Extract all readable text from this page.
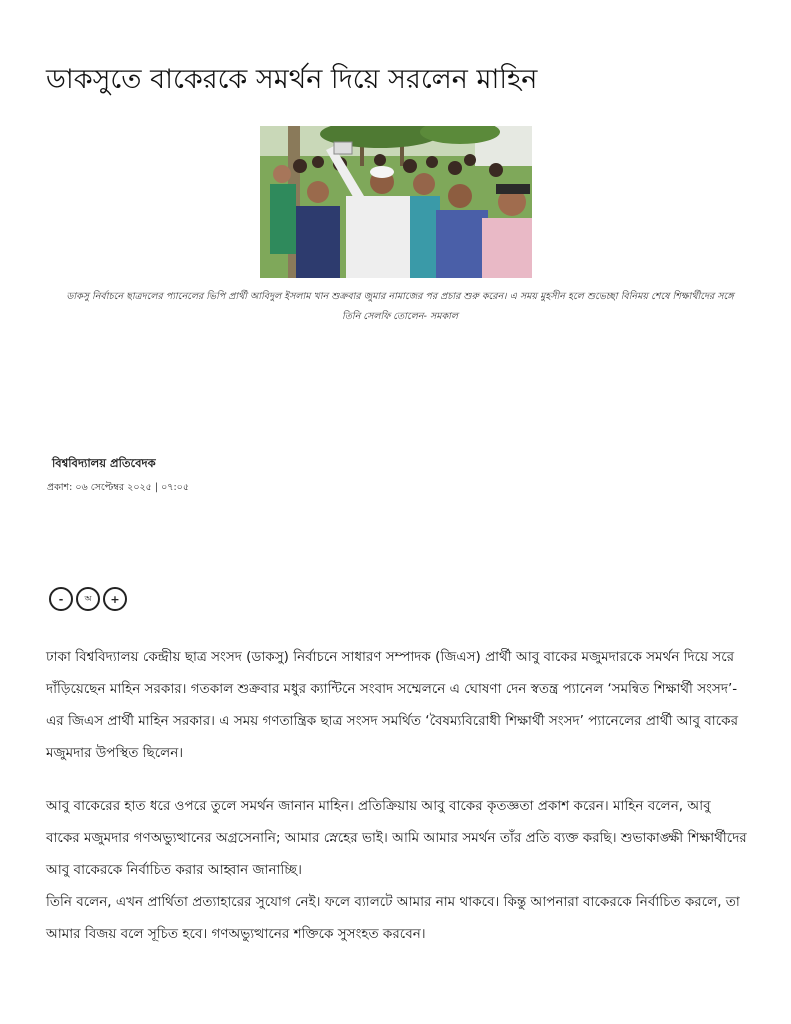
ডাকসুতে বাকেরকে সমর্থন দিয়ে সরলেন মাহিন
ডাকসু নির্বাচনে ছাত্রদলের প্যানেলের ভিপি প্রার্থী আবিদুল ইসলাম খান শুক্রবার জুমার নামাজের পর প্রচার শুরু করেন। এ সময় মুহসীন হলে শুভেচ্ছা বিনিময় শেষে শিক্ষার্থীদের সঙ্গে তিনি সেলফি তোলেন- সমকাল
বিশ্ববিদ্যালয় প্রতিবেদক
প্রকাশ: ০৬ সেপ্টেম্বর ২০২৫ | ০৭:০৫
-	অ	+
ঢাকা বিশ্ববিদ্যালয় কেন্দ্রীয় ছাত্র সংসদ (ডাকসু) নির্বাচনে সাধারণ সম্পাদক (জিএস) প্রার্থী আবু বাকের মজুমদারকে সমর্থন দিয়ে সরে দাঁড়িয়েছেন মাহিন সরকার। গতকাল শুক্রবার মধুর ক্যান্টিনে সংবাদ সম্মেলনে এ ঘোষণা দেন স্বতন্ত্র প্যানেল ‘সমন্বিত শিক্ষার্থী সংসদ’-এর জিএস প্রার্থী মাহিন সরকার। এ সময় গণতান্ত্রিক ছাত্র সংসদ সমর্থিত ‘বৈষম্যবিরোধী শিক্ষার্থী সংসদ’ প্যানেলের প্রার্থী আবু বাকের মজুমদার উপস্থিত ছিলেন।
আবু বাকেরের হাত ধরে ওপরে তুলে সমর্থন জানান মাহিন। প্রতিক্রিয়ায় আবু বাকের কৃতজ্ঞতা প্রকাশ করেন। মাহিন বলেন, আবু বাকের মজুমদার গণঅভ্যুত্থানের অগ্রসেনানি; আমার স্নেহের ভাই। আমি আমার সমর্থন তাঁর প্রতি ব্যক্ত করছি। শুভাকাঙ্ক্ষী শিক্ষার্থীদের আবু বাকেরকে নির্বাচিত করার আহ্বান জানাচ্ছি।
তিনি বলেন, এখন প্রার্থিতা প্রত্যাহারের সুযোগ নেই। ফলে ব্যালটে আমার নাম থাকবে। কিন্তু আপনারা বাকেরকে নির্বাচিত করলে, তা আমার বিজয় বলে সূচিত হবে। গণঅভ্যুত্থানের শক্তিকে সুসংহত করবেন।
